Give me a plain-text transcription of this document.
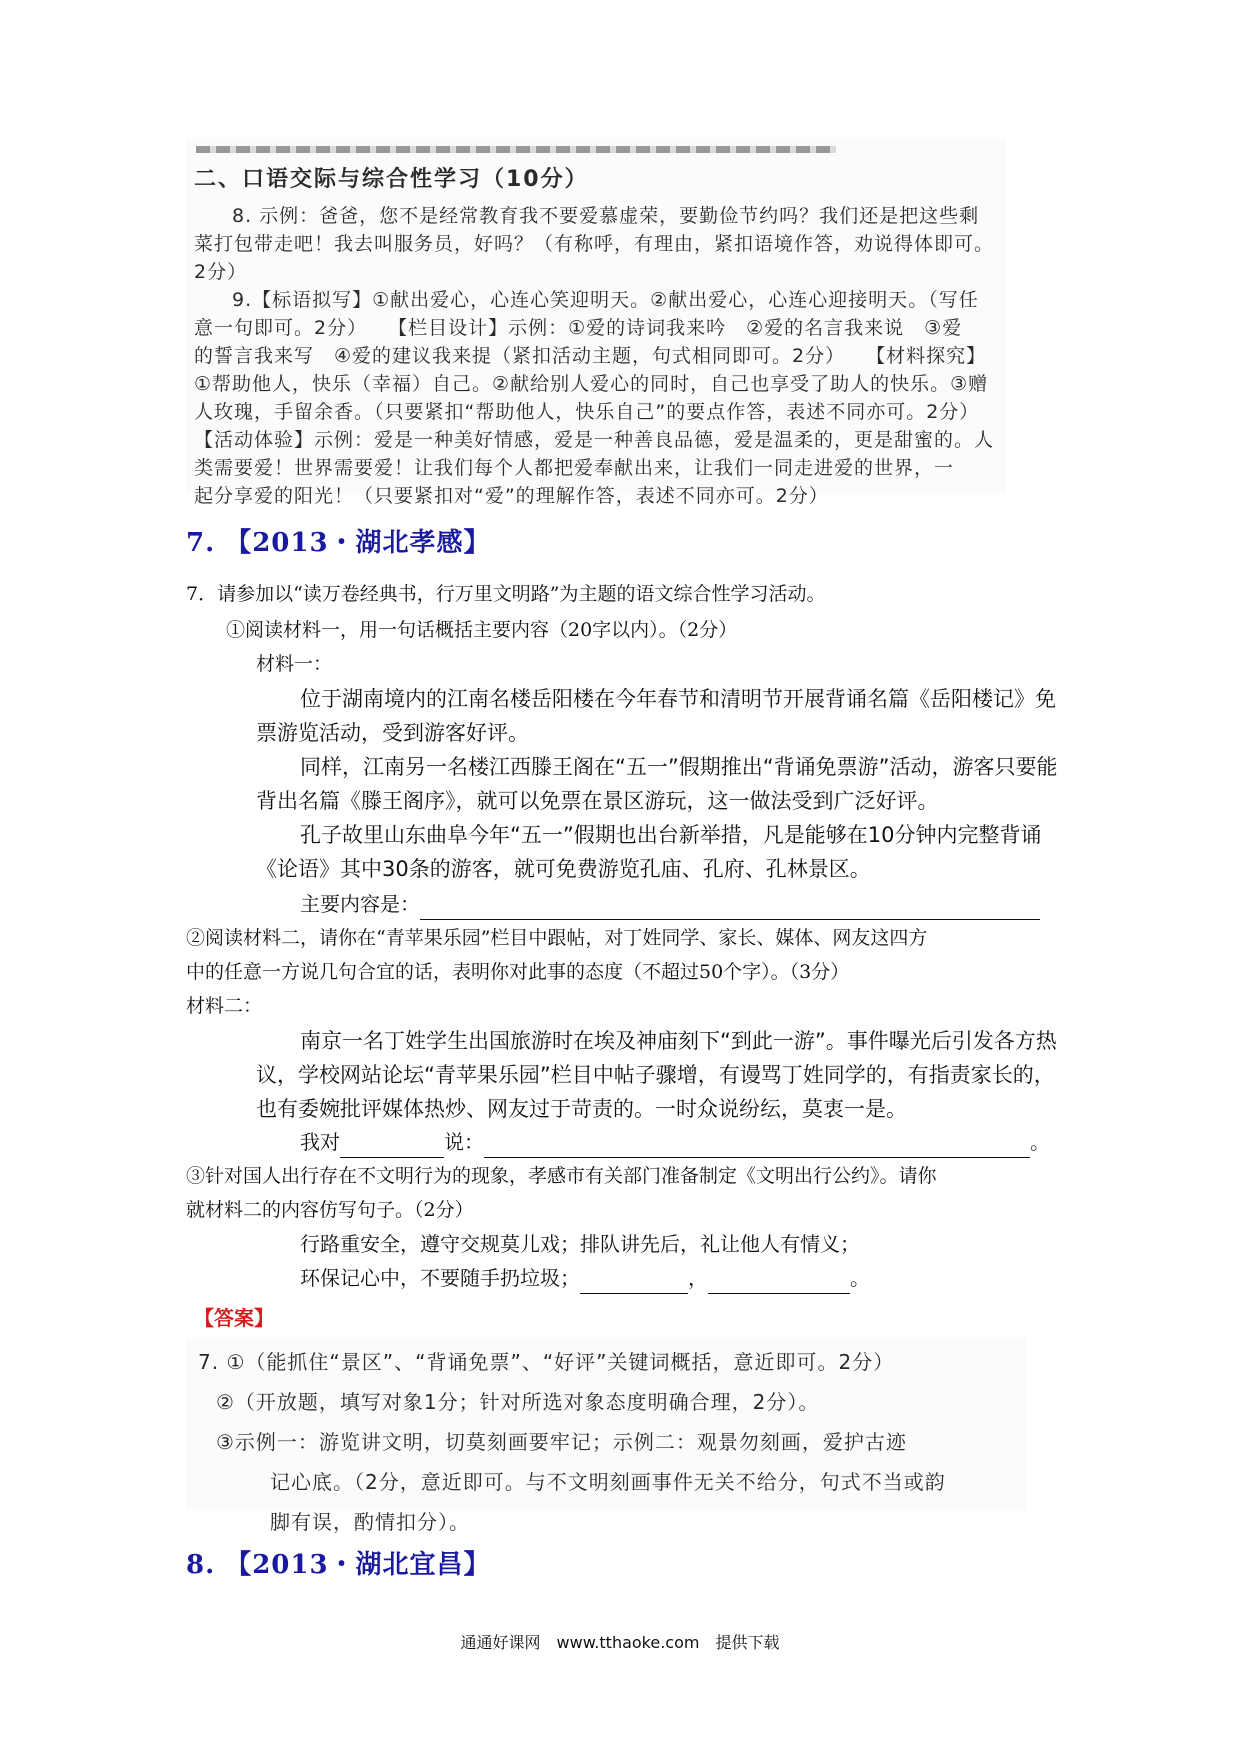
二、口语交际与综合性学习（10分）

8. 示例：爸爸，您不是经常教育我不要爱慕虚荣，要勤俭节约吗？我们还是把这些剩

菜打包带走吧！我去叫服务员，好吗？（有称呼，有理由，紧扣语境作答，劝说得体即可。

2分）

9.【标语拟写】①献出爱心，心连心笑迎明天。②献出爱心，心连心迎接明天。（写任

意一句即可。2分）　　【栏目设计】示例：①爱的诗词我来吟　②爱的名言我来说　③爱

的誓言我来写　④爱的建议我来提（紧扣活动主题，句式相同即可。2分）　　【材料探究】

①帮助他人，快乐（幸福）自己。②献给别人爱心的同时，自己也享受了助人的快乐。③赠

人玫瑰，手留余香。（只要紧扣“帮助他人，快乐自己”的要点作答，表述不同亦可。2分）

【活动体验】示例：爱是一种美好情感，爱是一种善良品德，爱是温柔的，更是甜蜜的。人

类需要爱！世界需要爱！让我们每个人都把爱奉献出来，让我们一同走进爱的世界，一

起分享爱的阳光！（只要紧扣对“爱”的理解作答，表述不同亦可。2分）

7. 【2013・湖北孝感】
7．请参加以“读万卷经典书，行万里文明路”为主题的语文综合性学习活动。
①阅读材料一，用一句话概括主要内容（20字以内）。（2分）
材料一：

位于湖南境内的江南名楼岳阳楼在今年春节和清明节开展背诵名篇《岳阳楼记》免票游览活动，受到游客好评。

同样，江南另一名楼江西滕王阁在“五一”假期推出“背诵免票游”活动，游客只要能背出名篇《滕王阁序》，就可以免票在景区游玩，这一做法受到广泛好评。

孔子故里山东曲阜今年“五一”假期也出台新举措，凡是能够在10分钟内完整背诵《论语》其中30条的游客，就可免费游览孔庙、孔府、孔林景区。

主要内容是：
②阅读材料二，请你在“青苹果乐园”栏目中跟帖，对丁姓同学、家长、媒体、网友这四方
中的任意一方说几句合宜的话，表明你对此事的态度（不超过50个字）。（3分）
材料二：

南京一名丁姓学生出国旅游时在埃及神庙刻下“到此一游”。事件曝光后引发各方热议，学校网站论坛“青苹果乐园”栏目中帖子骤增，有谩骂丁姓同学的，有指责家长的，也有委婉批评媒体热炒、网友过于苛责的。一时众说纷纭，莫衷一是。

我对	说：	。
③针对国人出行存在不文明行为的现象，孝感市有关部门准备制定《文明出行公约》。请你
就材料二的内容仿写句子。（2分）
行路重安全，遵守交规莫儿戏；排队讲先后，礼让他人有情义；
环保记心中，不要随手扔垃圾；	，	。
【答案】

7. ①（能抓住“景区”、“背诵免票”、“好评”关键词概括，意近即可。2分）

②（开放题，填写对象1分；针对所选对象态度明确合理，2分）。

③示例一：游览讲文明，切莫刻画要牢记；示例二：观景勿刻画，爱护古迹

记心底。（2分，意近即可。与不文明刻画事件无关不给分，句式不当或韵

脚有误，酌情扣分）。

8. 【2013・湖北宜昌】
通通好课网　www.tthaoke.com　提供下载
